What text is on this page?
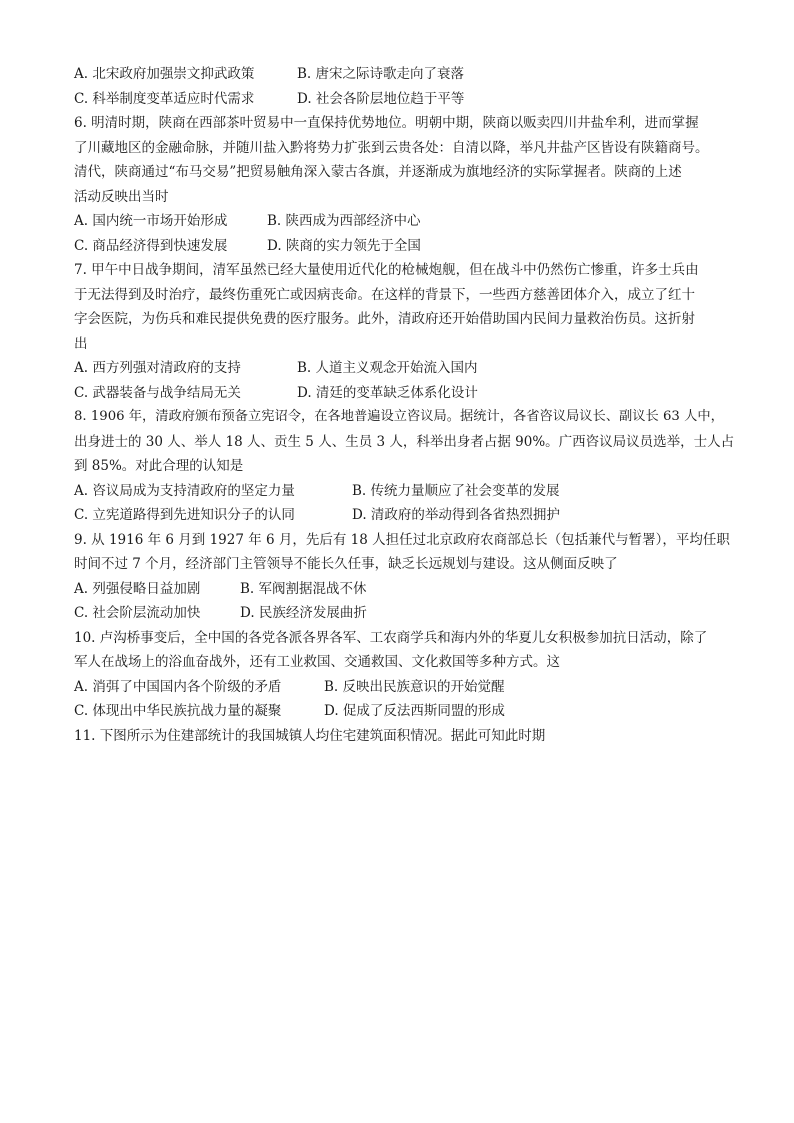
A. 北宋政府加强崇文抑武政策	B. 唐宋之际诗歌走向了衰落
C. 科举制度变革适应时代需求	D. 社会各阶层地位趋于平等
6. 明清时期，陕商在西部茶叶贸易中一直保持优势地位。明朝中期，陕商以贩卖四川井盐牟利，进而掌握
了川藏地区的金融命脉，并随川盐入黔将势力扩张到云贵各处：自清以降，举凡井盐产区皆设有陕籍商号。
清代，陕商通过“布马交易”把贸易触角深入蒙古各旗，并逐渐成为旗地经济的实际掌握者。陕商的上述
活动反映出当时
A. 国内统一市场开始形成	B. 陕西成为西部经济中心
C. 商品经济得到快速发展	D. 陕商的实力领先于全国
7. 甲午中日战争期间，清军虽然已经大量使用近代化的枪械炮舰，但在战斗中仍然伤亡惨重，许多士兵由
于无法得到及时治疗，最终伤重死亡或因病丧命。在这样的背景下，一些西方慈善团体介入，成立了红十
字会医院，为伤兵和难民提供免费的医疗服务。此外，清政府还开始借助国内民间力量救治伤员。这折射
出
A. 西方列强对清政府的支持	B. 人道主义观念开始流入国内
C. 武器装备与战争结局无关	D. 清廷的变革缺乏体系化设计
8. 1906 年，清政府颁布预备立宪诏令，在各地普遍设立咨议局。据统计，各省咨议局议长、副议长 63 人中，
出身进士的 30 人、举人 18 人、贡生 5 人、生员 3 人，科举出身者占据 90%。广西咨议局议员选举，士人占
到 85%。对此合理的认知是
A. 咨议局成为支持清政府的坚定力量	B. 传统力量顺应了社会变革的发展
C. 立宪道路得到先进知识分子的认同	D. 清政府的举动得到各省热烈拥护
9. 从 1916 年 6 月到 1927 年 6 月，先后有 18 人担任过北京政府农商部总长（包括兼代与暂署），平均任职
时间不过 7 个月，经济部门主管领导不能长久任事，缺乏长远规划与建设。这从侧面反映了
A. 列强侵略日益加剧	B. 军阀割据混战不休
C. 社会阶层流动加快	D. 民族经济发展曲折
10. 卢沟桥事变后，全中国的各党各派各界各军、工农商学兵和海内外的华夏儿女积极参加抗日活动，除了
军人在战场上的浴血奋战外，还有工业救国、交通救国、文化救国等多种方式。这
A. 消弭了中国国内各个阶级的矛盾	B. 反映出民族意识的开始觉醒
C. 体现出中华民族抗战力量的凝聚	D. 促成了反法西斯同盟的形成
11. 下图所示为住建部统计的我国城镇人均住宅建筑面积情况。据此可知此时期
